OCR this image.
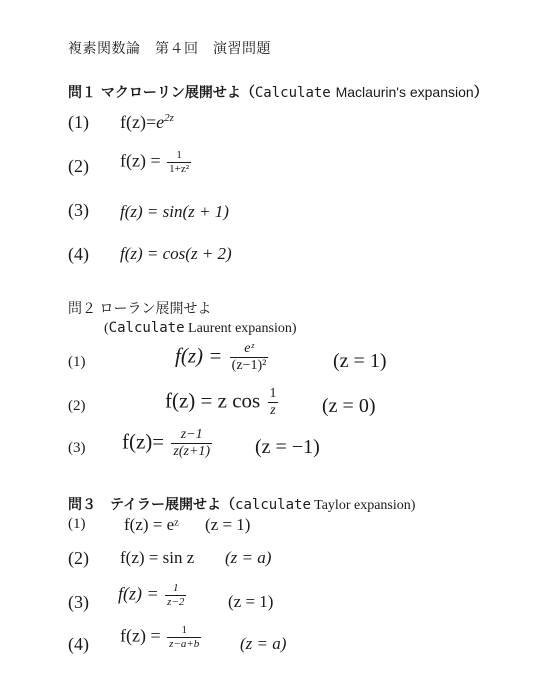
複素関数論　第４回　演習問題
問１ マクローリン展開せよ（Calculate Maclaurin's expansion）
(1) $f(z)=e^{2z}$
(2) $f(z) = \frac{1}{\text{1+z²}}$
(3) f(z) = sin(z + 1)
(4) f(z) = cos(z + 2)
問２ ローラン展開せよ
(Calculate Laurent expansion)
(1)	$f(z) = \frac{\text{eᶻ}}{\text{(z−1)²}}$	(z = 1)
(2)	f(z) = z $\cos \frac{1}{z} (z = 0)$
(3) $f(z)= \frac{z-1}{z(z+1)} (z = -1)$
問３　テイラー展開せよ（calculate Taylor expansion)
(1) f(z) = eᶻ (z = 1)
(2) f(z) = sin z (z = a)
(3) $f(z) = \frac{1}{z-2} (z = 1)$
(4) $f(z) = \frac{1}{z-a+b} (z = a)$
